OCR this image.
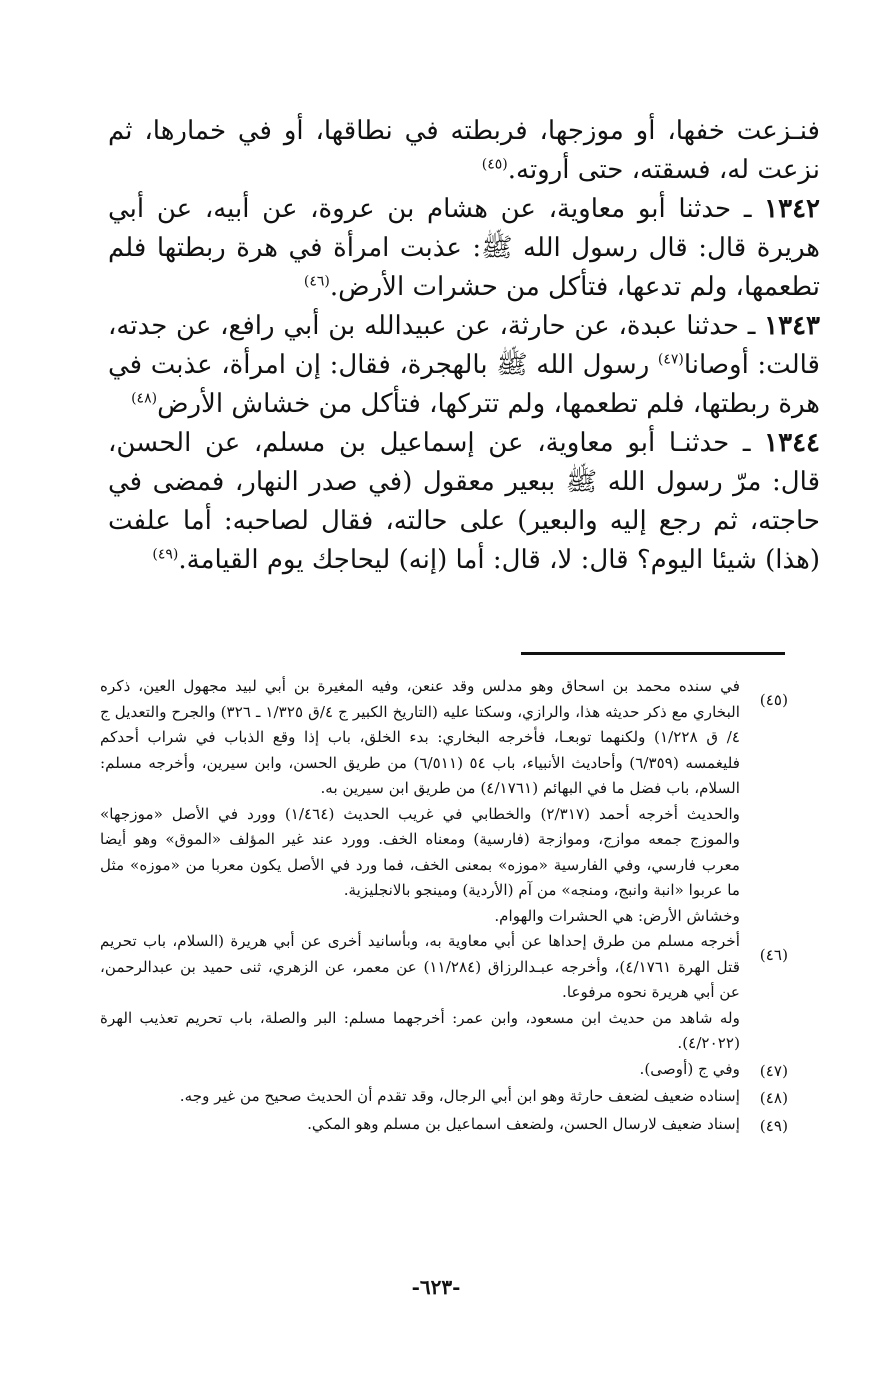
فنـزعت خفها، أو موزجها، فربطته في نطاقها، أو في خمارها، ثم نزعت له، فسقته، حتى أروته.$^{(٤٥)}$

١٣٤٢ ـ حدثنا أبو معاوية، عن هشام بن عروة، عن أبيه، عن أبي هريرة قال: قال رسول الله ﷺ: عذبت امرأة في هرة ربطتها فلم تطعمها، ولم تدعها، فتأكل من حشرات الأرض.$^{(٤٦)}$

١٣٤٣ ـ حدثنا عبدة، عن حارثة، عن عبيدالله بن أبي رافع، عن جدته، قالت: أوصانا$^{(٤٧)}$ رسول الله ﷺ بالهجرة، فقال: إن امرأة، عذبت في هرة ربطتها، فلم تطعمها، ولم تتركها، فتأكل من خشاش الأرض$^{(٤٨)}$

١٣٤٤ ـ حدثنـا أبو معاوية، عن إسماعيل بن مسلم، عن الحسن، قال: مرّ رسول الله ﷺ ببعير معقول (في صدر النهار، فمضى في حاجته، ثم رجع إليه والبعير) على حالته، فقال لصاحبه: أما علفت (هذا) شيئا اليوم؟ قال: لا، قال: أما (إنه) ليحاجك يوم القيامة.$^{(٤٩)}$

(٤٥)

في سنده محمد بن اسحاق وهو مدلس وقد عنعن، وفيه المغيرة بن أبي لبيد مجهول العين، ذكره البخاري مع ذكر حديثه هذا، والرازي، وسكتا عليه (التاريخ الكبير ج ٤/ق ١/٣٢٥ ـ ٣٢٦) والجرح والتعديل ج ٤/ ق ١/٢٢٨) ولكنهما توبعـا، فأخرجه البخاري: بدء الخلق، باب إذا وقع الذباب في شراب أحدكم فليغمسه (٦/٣٥٩) وأحاديث الأنبياء، باب ٥٤ (٦/٥١١) من طريق الحسن، وابن سيرين، وأخرجه مسلم: السلام، باب فضل ما في البهائم (٤/١٧٦١) من طريق ابن سيرين به.

والحديث أخرجه أحمد (٢/٣١٧) والخطابي في غريب الحديث (١/٤٦٤) وورد في الأصل «موزجها» والموزج جمعه موازج، وموازجة (فارسية) ومعناه الخف. وورد عند غير المؤلف «الموق» وهو أيضا معرب فارسي، وفي الفارسية «موزه» بمعنى الخف، فما ورد في الأصل يكون معربا من «موزه» مثل ما عربوا «انبة وانبج، ومنجه» من آم (الأردية) ومينجو بالانجليزية.

وخشاش الأرض: هي الحشرات والهوام.

(٤٦)

أخرجه مسلم من طرق إحداها عن أبي معاوية به، وبأسانيد أخرى عن أبي هريرة (السلام، باب تحريم قتل الهرة ٤/١٧٦١)، وأخرجه عبـدالرزاق (١١/٢٨٤) عن معمر، عن الزهري، ثنى حميد بن عبدالرحمن، عن أبي هريرة نحوه مرفوعا.

وله شاهد من حديث ابن مسعود، وابن عمر: أخرجهما مسلم: البر والصلة، باب تحريم تعذيب الهرة (٤/٢٠٢٢).

(٤٧)

وفي ج (أوصى).

(٤٨)

إسناده ضعيف لضعف حارثة وهو ابن أبي الرجال، وقد تقدم أن الحديث صحيح من غير وجه.

(٤٩)

إسناد ضعيف لارسال الحسن، ولضعف اسماعيل بن مسلم وهو المكي.

-٦٢٣-
